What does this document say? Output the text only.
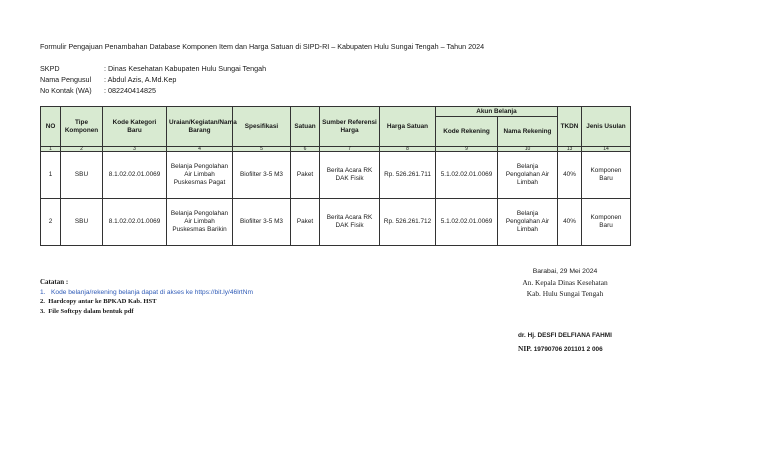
Formulir Pengajuan Penambahan Database Komponen Item dan Harga Satuan di SIPD-RI – Kabupaten Hulu Sungai Tengah – Tahun 2024
SKPD	: Dinas Kesehatan Kabupaten Hulu Sungai Tengah
Nama Pengusul	: Abdul Azis, A.Md.Kep
No Kontak (WA)	: 082240414825
NO	Tipe Komponen	Kode Kategori Baru	Uraian/Kegiatan/Nama Barang	Spesifikasi	Satuan	Sumber Referensi Harga	Harga Satuan	Akun Belanja		TKDN	Jenis Usulan
								Kode Rekening	Nama Rekening		
1	2	3	4	5	6	7	8	9	10	13	14
1	SBU	8.1.02.02.01.0069	Belanja Pengolahan Air Limbah Puskesmas Pagat	Biofilter 3-5 M3	Paket	Berita Acara RK DAK Fisik	Rp. 526.261.711	5.1.02.02.01.0069	Belanja Pengolahan Air Limbah	40%	Komponen Baru
2	SBU	8.1.02.02.01.0069	Belanja Pengolahan Air Limbah Puskesmas Barikin	Biofilter 3-5 M3	Paket	Berita Acara RK DAK Fisik	Rp. 526.261.712	5.1.02.02.01.0069	Belanja Pengolahan Air Limbah	40%	Komponen Baru
Catatan :
1. Kode belanja/rekening belanja dapat di akses ke https://bit.ly/46lrtNm
2. Hardcopy antar ke BPKAD Kab. HST
3. File Softcpy dalam bentuk pdf
Barabai, 29 Mei 2024
An. Kepala Dinas Kesehatan
Kab. Hulu Sungai Tengah
dr. Hj. DESFI DELFIANA FAHMI
NIP. 19790706 201101 2 006
